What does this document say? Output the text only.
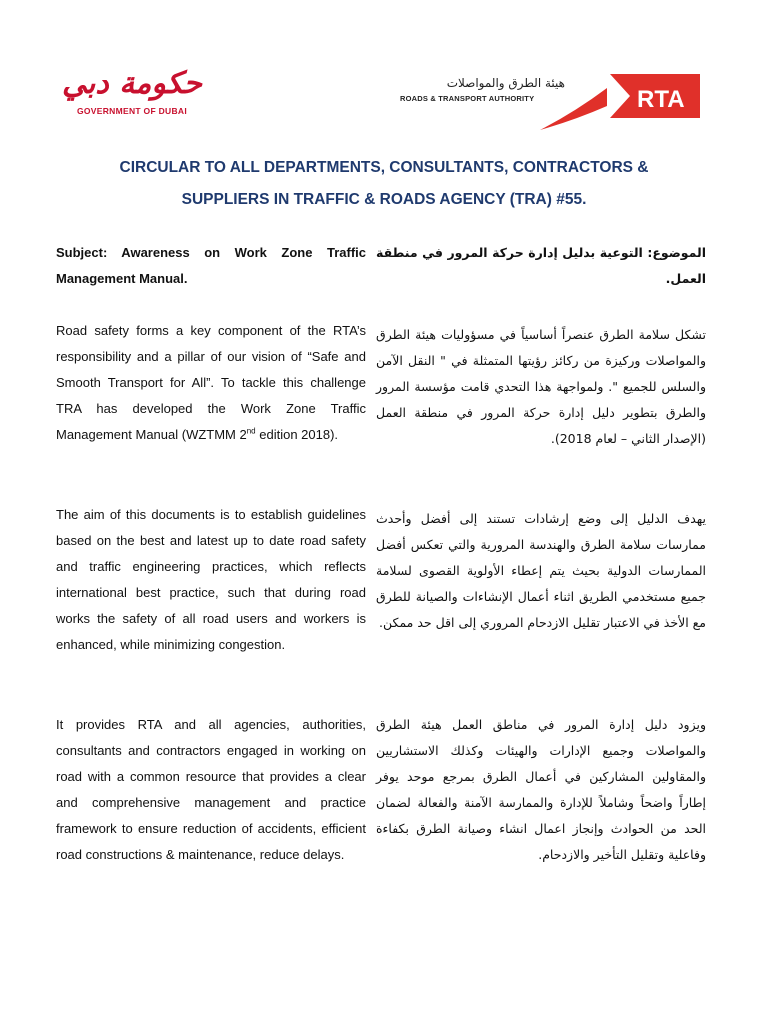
حكومة دبي
GOVERNMENT OF DUBAI
هيئة الطرق والمواصلات
ROADS & TRANSPORT AUTHORITY	RTA
CIRCULAR TO ALL DEPARTMENTS, CONSULTANTS, CONTRACTORS &
SUPPLIERS IN TRAFFIC & ROADS AGENCY (TRA) #55.
Subject: Awareness on Work Zone Traffic Management Manual.
الموضوع: التوعية بدليل إدارة حركة المرور في منطقة العمل.
Road safety forms a key component of the RTA’s responsibility and a pillar of our vision of “Safe and Smooth Transport for All”. To tackle this challenge TRA has developed the Work Zone Traffic Management Manual (WZTMM 2nd edition 2018).
تشكل سلامة الطرق عنصراً أساسياً في مسؤوليات هيئة الطرق والمواصلات وركيزة من ركائز رؤيتها المتمثلة في " النقل الآمن والسلس للجميع ". ولمواجهة هذا التحدي قامت مؤسسة المرور والطرق بتطوير دليل إدارة حركة المرور في منطقة العمل (الإصدار الثاني – لعام 2018).
The aim of this documents is to establish guidelines based on the best and latest up to date road safety and traffic engineering practices, which reflects international best practice, such that during road works the safety of all road users and workers is enhanced, while minimizing congestion.
يهدف الدليل إلى وضع إرشادات تستند إلى أفضل وأحدث ممارسات سلامة الطرق والهندسة المرورية والتي تعكس أفضل الممارسات الدولية بحيث يتم إعطاء الأولوية القصوى لسلامة جميع مستخدمي الطريق اثناء أعمال الإنشاءات والصيانة للطرق مع الأخذ في الاعتبار تقليل الازدحام المروري إلى اقل حد ممكن.
It provides RTA and all agencies, authorities, consultants and contractors engaged in working on road with a common resource that provides a clear and comprehensive management and practice framework to ensure reduction of accidents, efficient road constructions & maintenance, reduce delays.
ويزود دليل إدارة المرور في مناطق العمل هيئة الطرق والمواصلات وجميع الإدارات والهيئات وكذلك الاستشاريين والمقاولين المشاركين في أعمال الطرق بمرجع موحد يوفر إطاراً واضحاً وشاملاً للإدارة والممارسة الآمنة والفعالة لضمان الحد من الحوادث وإنجاز اعمال انشاء وصيانة الطرق بكفاءة وفاعلية وتقليل التأخير والازدحام.
